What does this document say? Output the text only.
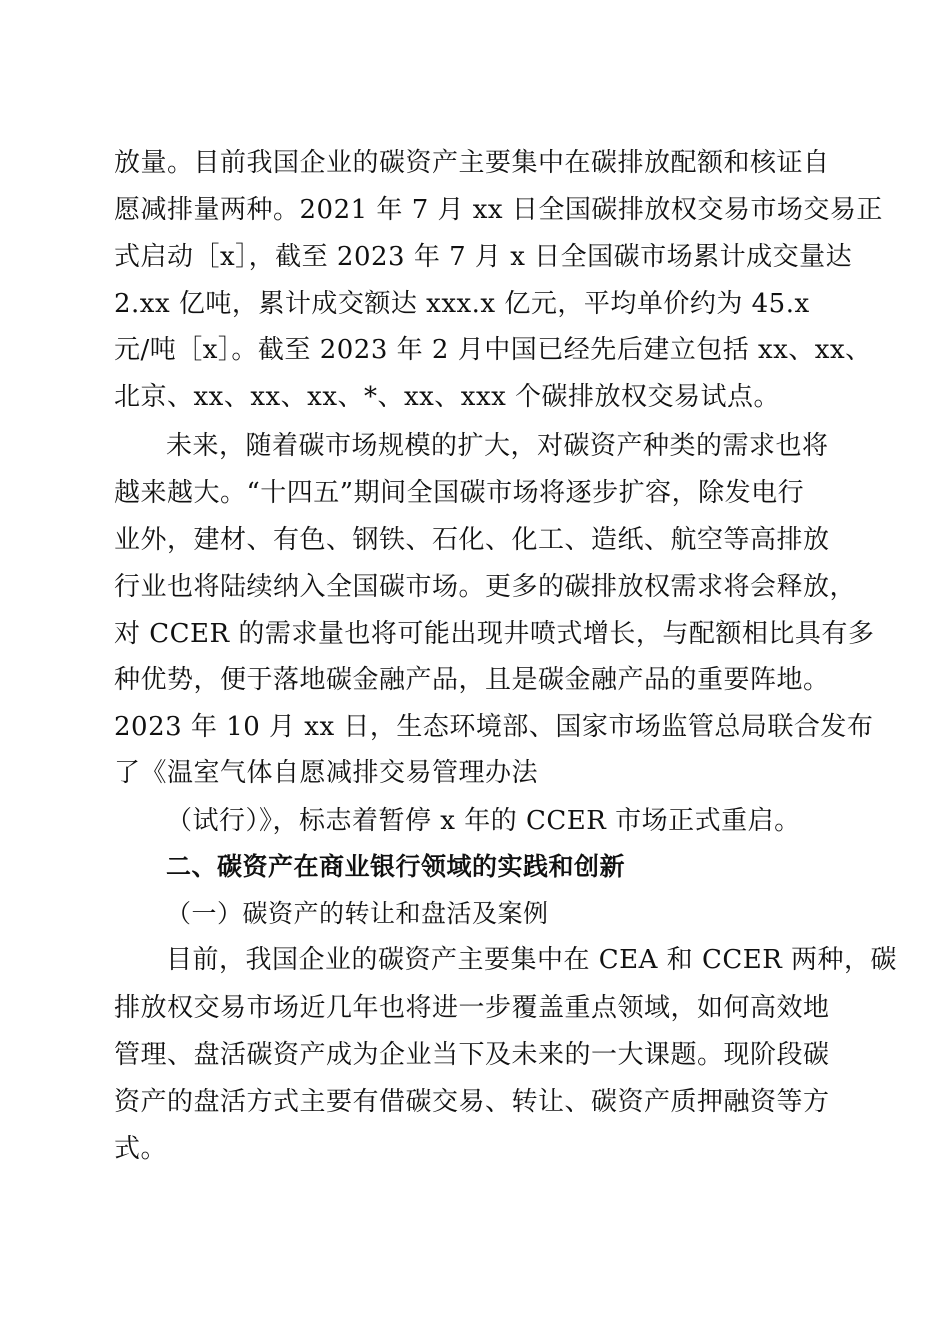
放量。目前我国企业的碳资产主要集中在碳排放配额和核证自
愿减排量两种。2021 年 7 月 xx 日全国碳排放权交易市场交易正
式启动［x］，截至 2023 年 7 月 x 日全国碳市场累计成交量达
2.xx 亿吨，累计成交额达 xxx.x 亿元，平均单价约为 45.x
元/吨［x］。截至 2023 年 2 月中国已经先后建立包括 xx、xx、
北京、xx、xx、xx、*、xx、xxx 个碳排放权交易试点。
未来，随着碳市场规模的扩大，对碳资产种类的需求也将
越来越大。“十四五”期间全国碳市场将逐步扩容，除发电行
业外，建材、有色、钢铁、石化、化工、造纸、航空等高排放
行业也将陆续纳入全国碳市场。更多的碳排放权需求将会释放，
对 CCER 的需求量也将可能出现井喷式增长，与配额相比具有多
种优势，便于落地碳金融产品，且是碳金融产品的重要阵地。
2023 年 10 月 xx 日，生态环境部、国家市场监管总局联合发布
了《温室气体自愿减排交易管理办法
（试行）》，标志着暂停 x 年的 CCER 市场正式重启。
二、碳资产在商业银行领域的实践和创新
（一）碳资产的转让和盘活及案例
目前，我国企业的碳资产主要集中在 CEA 和 CCER 两种，碳
排放权交易市场近几年也将进一步覆盖重点领域，如何高效地
管理、盘活碳资产成为企业当下及未来的一大课题。现阶段碳
资产的盘活方式主要有借碳交易、转让、碳资产质押融资等方
式。
